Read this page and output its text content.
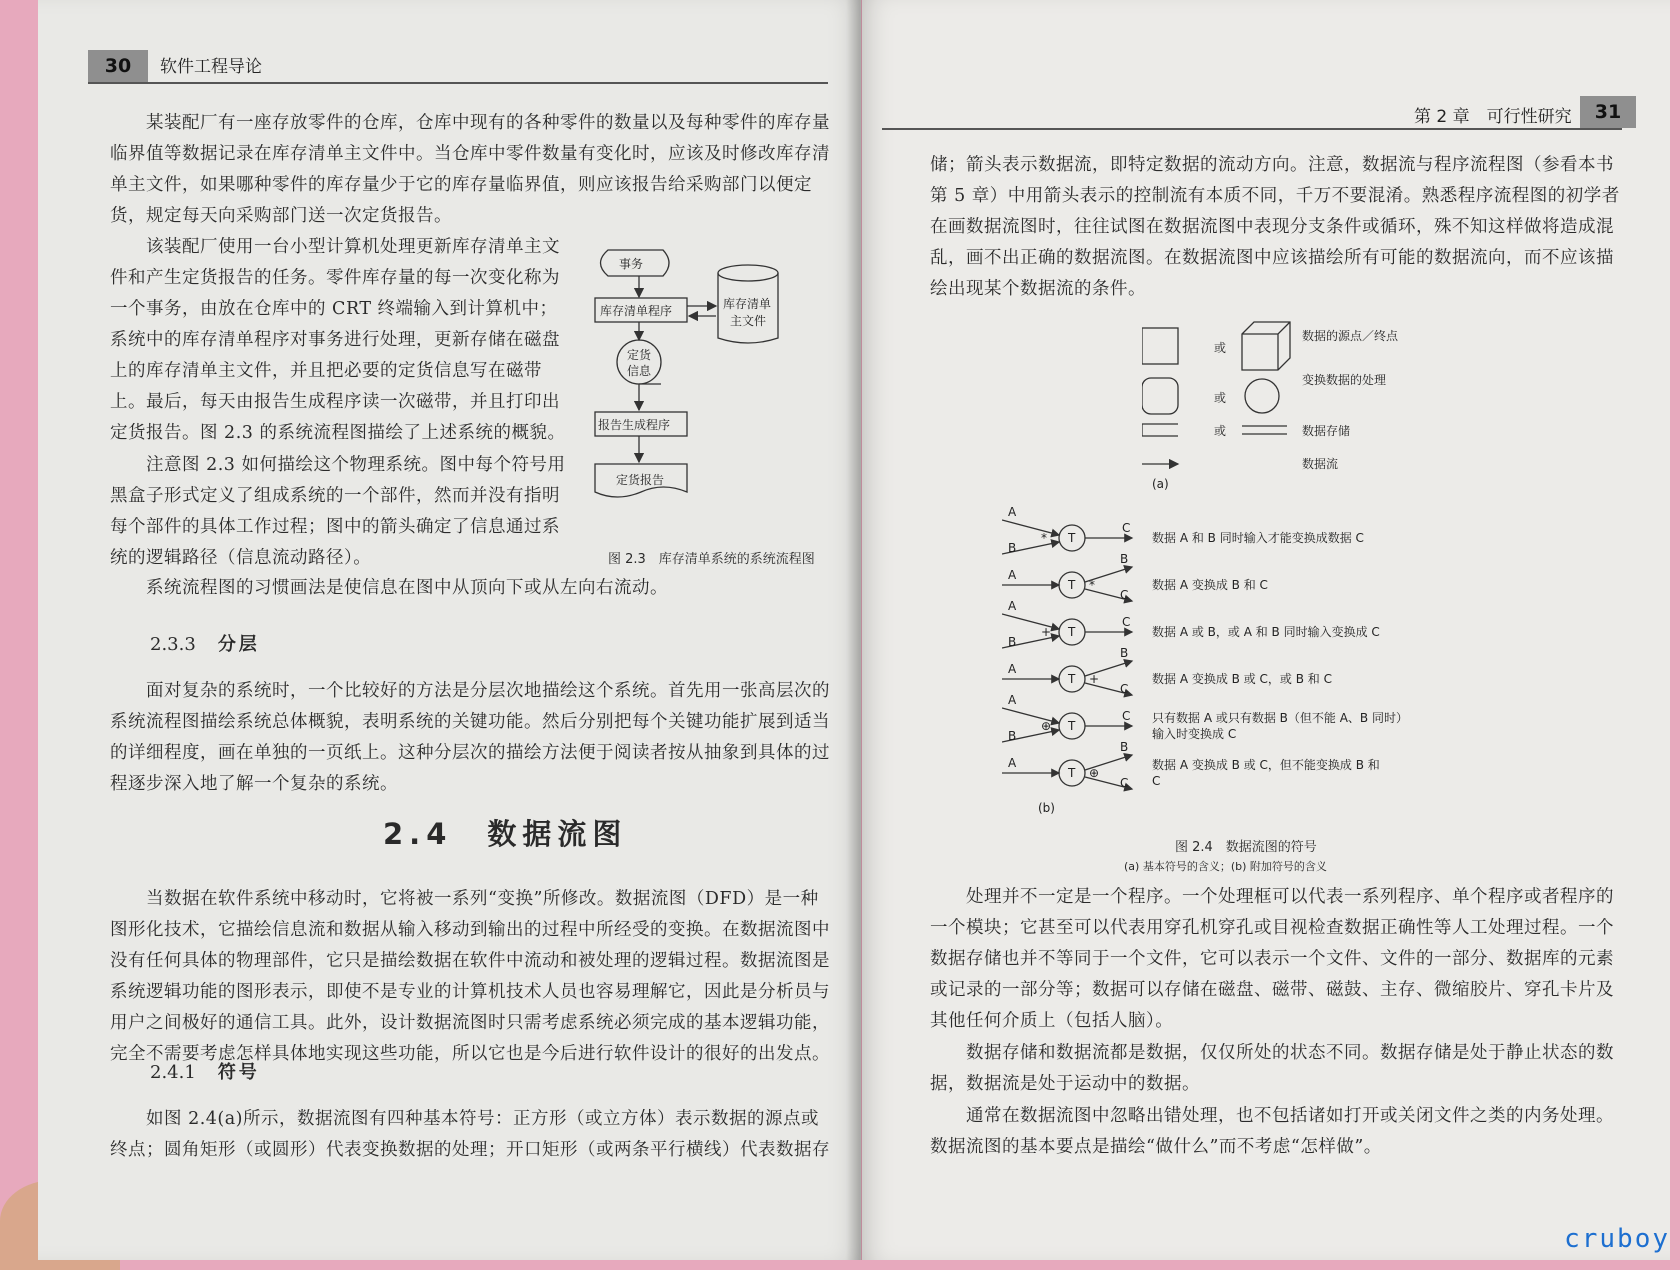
30	软件工程导论

某装配厂有一座存放零件的仓库，仓库中现有的各种零件的数量以及每种零件的库存量临界值等数据记录在库存清单主文件中。当仓库中零件数量有变化时，应该及时修改库存清单主文件，如果哪种零件的库存量少于它的库存量临界值，则应该报告给采购部门以便定货，规定每天向采购部门送一次定货报告。

该装配厂使用一台小型计算机处理更新库存清单主文件和产生定货报告的任务。零件库存量的每一次变化称为一个事务，由放在仓库中的 CRT 终端输入到计算机中；系统中的库存清单程序对事务进行处理，更新存储在磁盘上的库存清单主文件，并且把必要的定货信息写在磁带上。最后，每天由报告生成程序读一次磁带，并且打印出定货报告。图 2.3 的系统流程图描绘了上述系统的概貌。

注意图 2.3 如何描绘这个物理系统。图中每个符号用黑盒子形式定义了组成系统的一个部件，然而并没有指明每个部件的具体工作过程；图中的箭头确定了信息通过系统的逻辑路径（信息流动路径）。

系统流程图的习惯画法是使信息在图中从顶向下或从左向右流动。

事务
库存清单程序	库存清单
主文件
定货
信息
报告生成程序
定货报告
图 2.3　库存清单系统的系统流程图
2.3.3 分层

面对复杂的系统时，一个比较好的方法是分层次地描绘这个系统。首先用一张高层次的系统流程图描绘系统总体概貌，表明系统的关键功能。然后分别把每个关键功能扩展到适当的详细程度，画在单独的一页纸上。这种分层次的描绘方法便于阅读者按从抽象到具体的过程逐步深入地了解一个复杂的系统。

2.4　数据流图

当数据在软件系统中移动时，它将被一系列“变换”所修改。数据流图（DFD）是一种图形化技术，它描绘信息流和数据从输入移动到输出的过程中所经受的变换。在数据流图中没有任何具体的物理部件，它只是描绘数据在软件中流动和被处理的逻辑过程。数据流图是系统逻辑功能的图形表示，即使不是专业的计算机技术人员也容易理解它，因此是分析员与用户之间极好的通信工具。此外，设计数据流图时只需考虑系统必须完成的基本逻辑功能，完全不需要考虑怎样具体地实现这些功能，所以它也是今后进行软件设计的很好的出发点。

2.4.1 符号

如图 2.4(a)所示，数据流图有四种基本符号：正方形（或立方体）表示数据的源点或终点；圆角矩形（或圆形）代表变换数据的处理；开口矩形（或两条平行横线）代表数据存

第 2 章　可行性研究	31

储；箭头表示数据流，即特定数据的流动方向。注意，数据流与程序流程图（参看本书第 5 章）中用箭头表示的控制流有本质不同，千万不要混淆。熟悉程序流程图的初学者在画数据流图时，往往试图在数据流图中表现分支条件或循环，殊不知这样做将造成混乱，画不出正确的数据流图。在数据流图中应该描绘所有可能的数据流向，而不应该描绘出现某个数据流的条件。

或
数据的源点／终点
或
变换数据的处理
或	数据存储
数据流
(a)
T
A
B
C
*	数据 A 和 B 同时输入才能变换成数据 C
T
A
B
C
*	数据 A 变换成 B 和 C
T
A
B
C
+	数据 A 或 B，或 A 和 B 同时输入变换成 C
T
A
B
C
+	数据 A 变换成 B 或 C，或 B 和 C
T
A
B
C
⊕
只有数据 A 或只有数据 B（但不能 A、B 同时）
输入时变换成 C
T
A
B
C
⊕
数据 A 变换成 B 或 C，但不能变换成 B 和
C
(b)
图 2.4　数据流图的符号
(a) 基本符号的含义；(b) 附加符号的含义

处理并不一定是一个程序。一个处理框可以代表一系列程序、单个程序或者程序的一个模块；它甚至可以代表用穿孔机穿孔或目视检查数据正确性等人工处理过程。一个数据存储也并不等同于一个文件，它可以表示一个文件、文件的一部分、数据库的元素或记录的一部分等；数据可以存储在磁盘、磁带、磁鼓、主存、微缩胶片、穿孔卡片及其他任何介质上（包括人脑）。

数据存储和数据流都是数据，仅仅所处的状态不同。数据存储是处于静止状态的数据，数据流是处于运动中的数据。

通常在数据流图中忽略出错处理，也不包括诸如打开或关闭文件之类的内务处理。数据流图的基本要点是描绘“做什么”而不考虑“怎样做”。

cruboy
